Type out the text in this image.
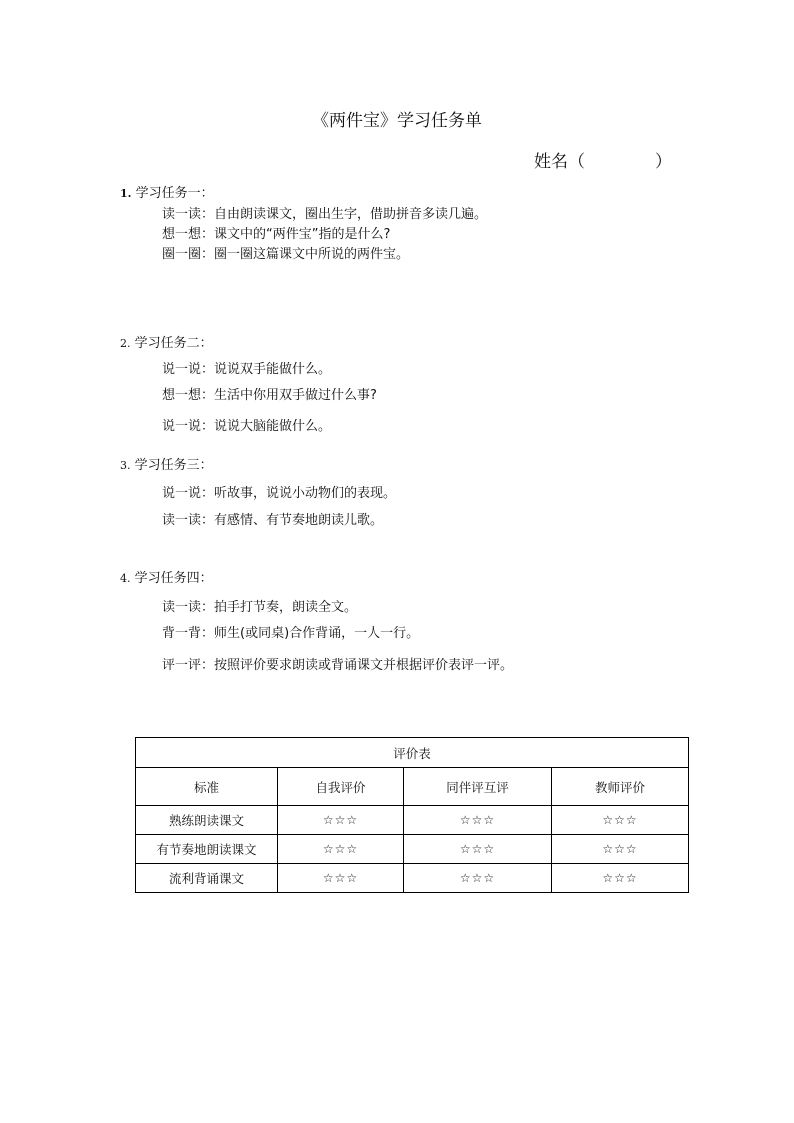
《两件宝》学习任务单
姓名（	）
1. 学习任务一：
读一读：自由朗读课文，圈出生字，借助拼音多读几遍。
想一想：课文中的“两件宝”指的是什么?
圈一圈：圈一圈这篇课文中所说的两件宝。
2. 学习任务二：
说一说：说说双手能做什么。
想一想：生活中你用双手做过什么事?
说一说：说说大脑能做什么。
3. 学习任务三：
说一说：听故事，说说小动物们的表现。
读一读：有感情、有节奏地朗读儿歌。
4. 学习任务四：
读一读：拍手打节奏，朗读全文。
背一背：师生(或同桌)合作背诵，一人一行。
评一评：按照评价要求朗读或背诵课文并根据评价表评一评。
评价表			
标准	自我评价	同伴评互评	教师评价
熟练朗读课文	☆☆☆	☆☆☆	☆☆☆
有节奏地朗读课文	☆☆☆	☆☆☆	☆☆☆
流利背诵课文	☆☆☆	☆☆☆	☆☆☆
